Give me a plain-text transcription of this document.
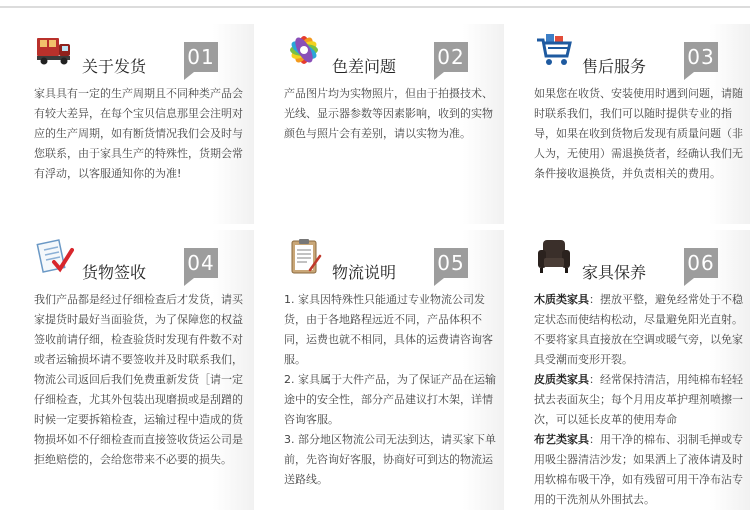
关于发货 01

家具具有一定的生产周期且不同种类产品会有较大差异，在每个宝贝信息那里会注明对应的生产周期，如有断货情况我们会及时与您联系，由于家具生产的特殊性，货期会常有浮动，以客服通知你的为准!

色差问题 02

产品图片均为实物照片，但由于拍摄技术、光线、显示器参数等因素影响，收到的实物颜色与照片会有差别，请以实物为准。

售后服务 03

如果您在收货、安装使用时遇到问题，请随时联系我们，我们可以随时提供专业的指导，如果在收到货物后发现有质量问题（非人为，无使用）需退换货者，经确认我们无条件接收退换货，并负责相关的费用。

货物签收 04

我们产品都是经过仔细检查后才发货，请买家提货时最好当面验货，为了保障您的权益签收前请仔细，检查验货时发现有件数不对或者运输损坏请不要签收并及时联系我们，物流公司返回后我们免费重新发货［请一定仔细检查，尤其外包装出现磨损或是刮蹭的时候一定要拆箱检查，运输过程中造成的货物损坏如不仔细检查而直接签收货运公司是拒绝赔偿的，会给您带来不必要的损失。

物流说明 05

1. 家具因特殊性只能通过专业物流公司发货，由于各地路程远近不同，产品体积不同，运费也就不相同，具体的运费请咨询客服。

2. 家具属于大件产品，为了保证产品在运输途中的安全性，部分产品建议打木架，详情咨询客服。

3. 部分地区物流公司无法到达，请买家下单前，先咨询好客服，协商好可到达的物流运送路线。

家具保养 06

木质类家具：摆放平整，避免经常处于不稳定状态而使结构松动，尽量避免阳光直射。不要将家具直接放在空调或暖气旁，以免家具受潮而变形开裂。

皮质类家具：经常保持清洁，用纯棉布轻轻拭去表面灰尘；每个月用皮革护理剂喷擦一次，可以延长皮革的使用寿命

布艺类家具：用干净的棉布、羽制毛掸或专用吸尘器清洁沙发；如果洒上了液体请及时用软棉布吸干净，如有残留可用干净布沾专用的干洗剂从外围拭去。
